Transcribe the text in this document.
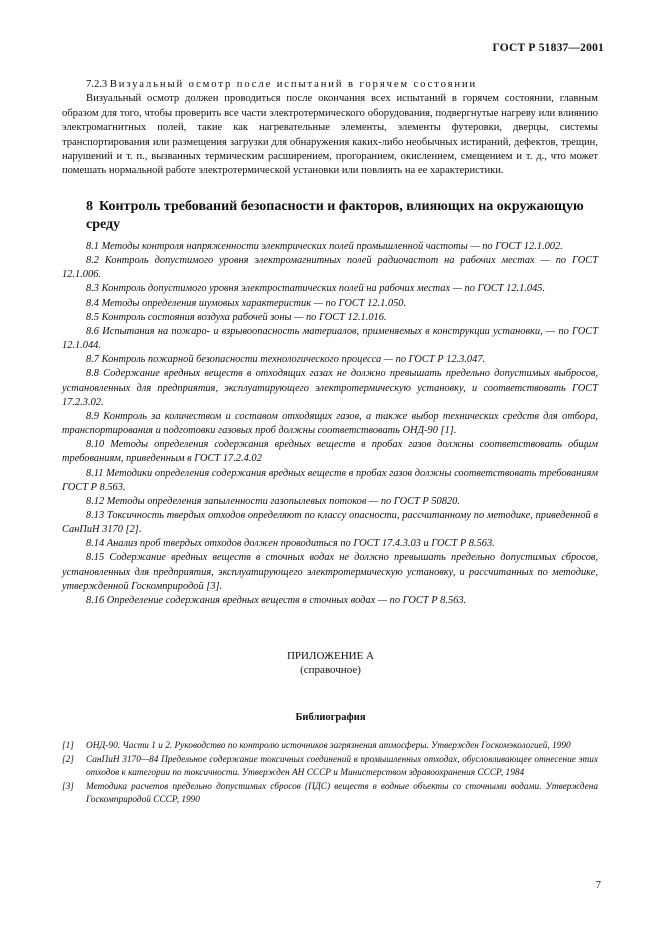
ГОСТ Р 51837—2001

7.2.3 Визуальный осмотр после испытаний в горячем состоянии

Визуальный осмотр должен проводиться после окончания всех испытаний в горячем состоянии, главным образом для того, чтобы проверить все части электротермического оборудования, подвергнутые нагреву или влиянию электромагнитных полей, такие как нагревательные элементы, элементы футеровки, дверцы, системы транспортирования или размещения загрузки для обнаружения каких-либо необычных истираний, дефектов, трещин, нарушений и т. п., вызванных термическим расширением, прогоранием, окислением, смещением и т. д., что может помешать нормальной работе электротермической установки или повлиять на ее характеристики.

8 Контроль требований безопасности и факторов, влияющих на окружающую среду

8.1 Методы контроля напряженности электрических полей промышленной частоты — по ГОСТ 12.1.002.

8.2 Контроль допустимого уровня электромагнитных полей радиочастот на рабочих местах — по ГОСТ 12.1.006.

8.3 Контроль допустимого уровня электростатических полей на рабочих местах — по ГОСТ 12.1.045.

8.4 Методы определения шумовых характеристик — по ГОСТ 12.1.050.

8.5 Контроль состояния воздуха рабочей зоны — по ГОСТ 12.1.016.

8.6 Испытания на пожаро- и взрывоопасность материалов, применяемых в конструкции установки, — по ГОСТ 12.1.044.

8.7 Контроль пожарной безопасности технологического процесса — по ГОСТ Р 12.3.047.

8.8 Содержание вредных веществ в отходящих газах не должно превышать предельно допустимых выбросов, установленных для предприятия, эксплуатирующего электротермическую установку, и соответствовать ГОСТ 17.2.3.02.

8.9 Контроль за количеством и составом отходящих газов, а также выбор технических средств для отбора, транспортирования и подготовки газовых проб должны соответствовать ОНД-90 [1].

8.10 Методы определения содержания вредных веществ в пробах газов должны соответствовать общим требованиям, приведенным в ГОСТ 17.2.4.02

8.11 Методики определения содержания вредных веществ в пробах газов должны соответствовать требованиям ГОСТ Р 8.563.

8.12 Методы определения запыленности газопылевых потоков — по ГОСТ Р 50820.

8.13 Токсичность твердых отходов определяют по классу опасности, рассчитанному по методике, приведенной в СанПиН 3170 [2].

8.14 Анализ проб твердых отходов должен проводиться по ГОСТ 17.4.3.03 и ГОСТ Р 8.563.

8.15 Содержание вредных веществ в сточных водах не должно превышать предельно допустимых сбросов, установленных для предприятия, эксплуатирующего электротермическую установку, и рассчитанных по методике, утвержденной Госкомприродой [3].

8.16 Определение содержания вредных веществ в сточных водах — по ГОСТ Р 8.563.

ПРИЛОЖЕНИЕ А
(справочное)
Библиография
[1]	ОНД-90. Части 1 и 2. Руководство по контролю источников загрязнения атмосферы. Утвержден Госкомэкологией, 1990
[2]	СанПиН 3170—84 Предельное содержание токсичных соединений в промышленных отходах, обусловливающее отнесение этих отходов к категории по токсичности. Утвержден АН СССР и Министерством здравоохранения СССР, 1984
[3]	Методика расчетов предельно допустимых сбросов (ПДС) веществ в водные объекты со сточными водами. Утверждена Госкомприродой СССР, 1990
7
